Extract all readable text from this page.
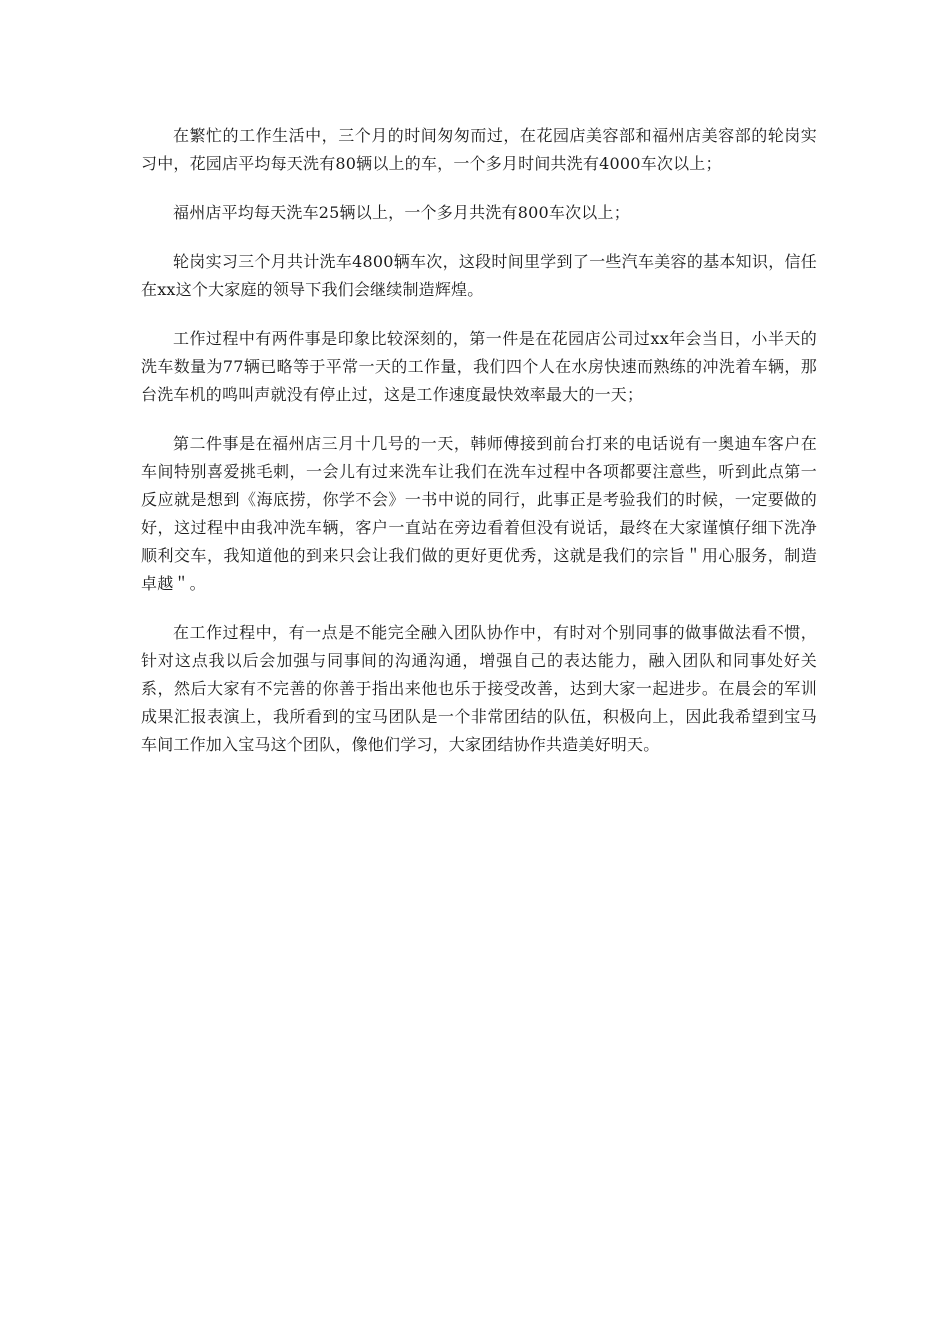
在繁忙的工作生活中，三个月的时间匆匆而过，在花园店美容部和福州店美容部的轮岗实习中，花园店平均每天洗有80辆以上的车，一个多月时间共洗有4000车次以上；

福州店平均每天洗车25辆以上，一个多月共洗有800车次以上；

轮岗实习三个月共计洗车4800辆车次，这段时间里学到了一些汽车美容的基本知识，信任在xx这个大家庭的领导下我们会继续制造辉煌。

工作过程中有两件事是印象比较深刻的，第一件是在花园店公司过xx年会当日，小半天的洗车数量为77辆已略等于平常一天的工作量，我们四个人在水房快速而熟练的冲洗着车辆，那台洗车机的鸣叫声就没有停止过，这是工作速度最快效率最大的一天；

第二件事是在福州店三月十几号的一天，韩师傅接到前台打来的电话说有一奥迪车客户在车间特别喜爱挑毛刺，一会儿有过来洗车让我们在洗车过程中各项都要注意些，听到此点第一反应就是想到《海底捞，你学不会》一书中说的同行，此事正是考验我们的时候，一定要做的好，这过程中由我冲洗车辆，客户一直站在旁边看着但没有说话，最终在大家谨慎仔细下洗净顺利交车，我知道他的到来只会让我们做的更好更优秀，这就是我们的宗旨＂用心服务，制造卓越＂。

在工作过程中，有一点是不能完全融入团队协作中，有时对个别同事的做事做法看不惯，针对这点我以后会加强与同事间的沟通沟通，增强自己的表达能力，融入团队和同事处好关系，然后大家有不完善的你善于指出来他也乐于接受改善，达到大家一起进步。在晨会的军训成果汇报表演上，我所看到的宝马团队是一个非常团结的队伍，积极向上，因此我希望到宝马车间工作加入宝马这个团队，像他们学习，大家团结协作共造美好明天。
